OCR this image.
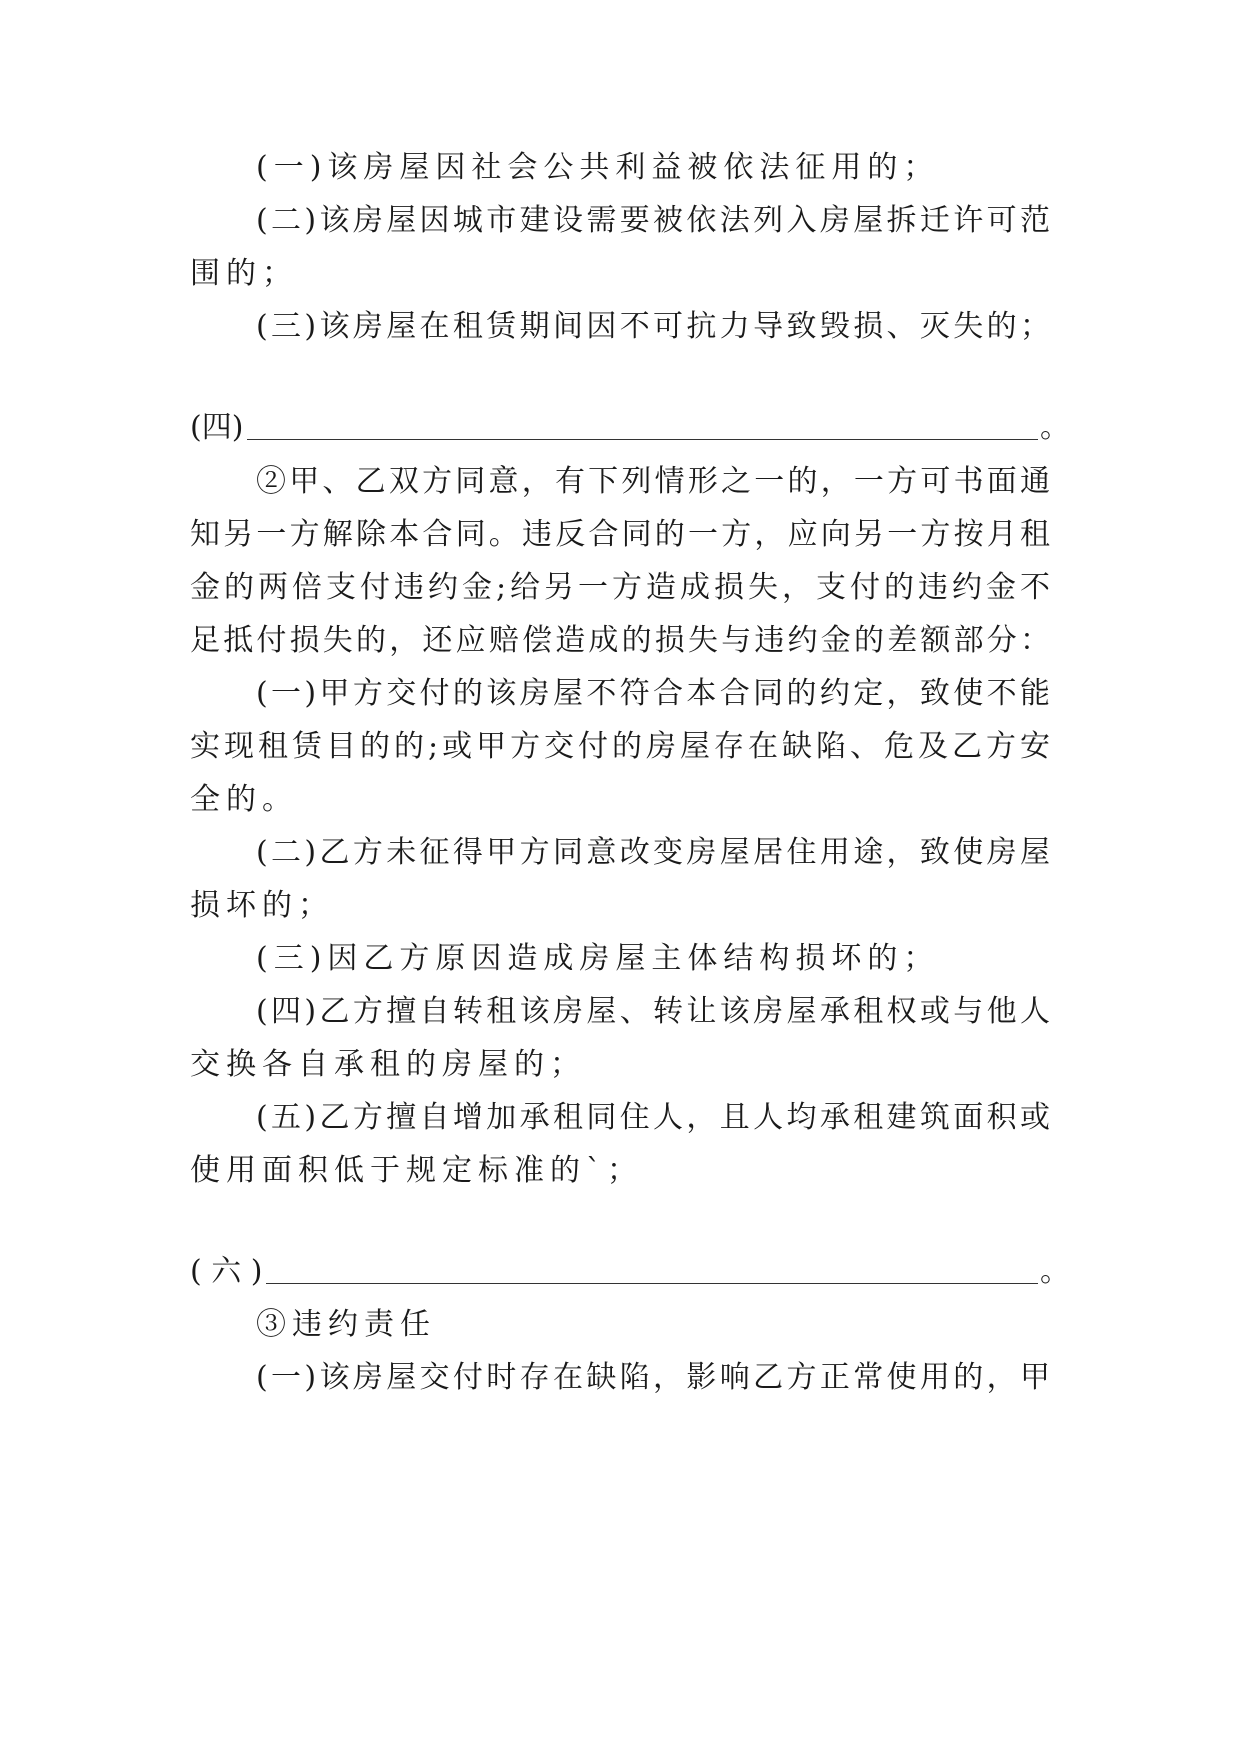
(一)该房屋因社会公共利益被依法征用的；
(二)该房屋因城市建设需要被依法列入房屋拆迁许可范
围的；
(三)该房屋在租赁期间因不可抗力导致毁损、灭失的；
(四)	。
②甲、乙双方同意，有下列情形之一的，一方可书面通
知另一方解除本合同。违反合同的一方，应向另一方按月租
金的两倍支付违约金;给另一方造成损失，支付的违约金不
足抵付损失的，还应赔偿造成的损失与违约金的差额部分：
(一)甲方交付的该房屋不符合本合同的约定，致使不能
实现租赁目的的;或甲方交付的房屋存在缺陷、危及乙方安
全的。
(二)乙方未征得甲方同意改变房屋居住用途，致使房屋
损坏的；
(三)因乙方原因造成房屋主体结构损坏的；
(四)乙方擅自转租该房屋、转让该房屋承租权或与他人
交换各自承租的房屋的；
(五)乙方擅自增加承租同住人，且人均承租建筑面积或
使用面积低于规定标准的`；
( 六 )	。
③违约责任
(一)该房屋交付时存在缺陷，影响乙方正常使用的，甲
